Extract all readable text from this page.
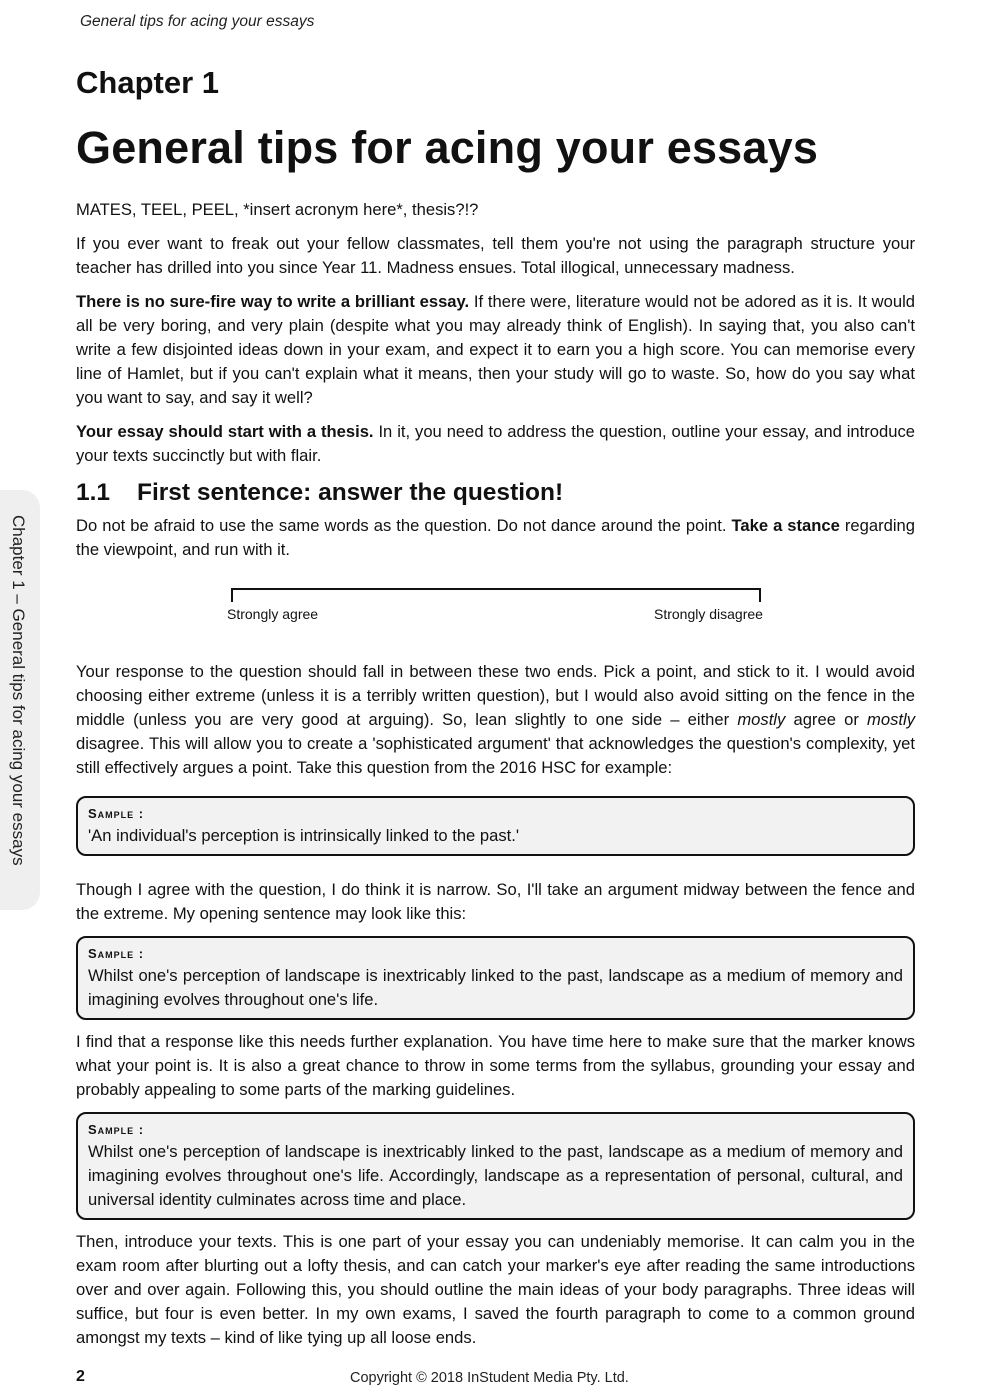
General tips for acing your essays
Chapter 1
General tips for acing your essays
Chapter 1 – General tips for acing your essays

MATES, TEEL, PEEL, *insert acronym here*, thesis?!?

If you ever want to freak out your fellow classmates, tell them you're not using the paragraph structure your teacher has drilled into you since Year 11. Madness ensues. Total illogical, unnecessary madness.

There is no sure-fire way to write a brilliant essay. If there were, literature would not be adored as it is. It would all be very boring, and very plain (despite what you may already think of English). In saying that, you also can't write a few disjointed ideas down in your exam, and expect it to earn you a high score. You can memorise every line of Hamlet, but if you can't explain what it means, then your study will go to waste. So, how do you say what you want to say, and say it well?

Your essay should start with a thesis. In it, you need to address the question, outline your essay, and introduce your texts succinctly but with flair.

1.1 First sentence: answer the question!

Do not be afraid to use the same words as the question. Do not dance around the point. Take a stance regarding the viewpoint, and run with it.

Strongly agree	Strongly disagree

Your response to the question should fall in between these two ends. Pick a point, and stick to it. I would avoid choosing either extreme (unless it is a terribly written question), but I would also avoid sitting on the fence in the middle (unless you are very good at arguing). So, lean slightly to one side – either mostly agree or mostly disagree. This will allow you to create a 'sophisticated argument' that acknowledges the question's complexity, yet still effectively argues a point. Take this question from the 2016 HSC for example:

Sample :
'An individual's perception is intrinsically linked to the past.'

Though I agree with the question, I do think it is narrow. So, I'll take an argument midway between the fence and the extreme. My opening sentence may look like this:

Sample :
Whilst one's perception of landscape is inextricably linked to the past, landscape as a medium of memory and imagining evolves throughout one's life.

I find that a response like this needs further explanation. You have time here to make sure that the marker knows what your point is. It is also a great chance to throw in some terms from the syllabus, grounding your essay and probably appealing to some parts of the marking guidelines.

Sample :
Whilst one's perception of landscape is inextricably linked to the past, landscape as a medium of memory and imagining evolves throughout one's life. Accordingly, landscape as a representation of personal, cultural, and universal identity culminates across time and place.

Then, introduce your texts. This is one part of your essay you can undeniably memorise. It can calm you in the exam room after blurting out a lofty thesis, and can catch your marker's eye after reading the same introductions over and over again. Following this, you should outline the main ideas of your body paragraphs. Three ideas will suffice, but four is even better. In my own exams, I saved the fourth paragraph to come to a common ground amongst my texts – kind of like tying up all loose ends.

2	Copyright © 2018 InStudent Media Pty. Ltd.
